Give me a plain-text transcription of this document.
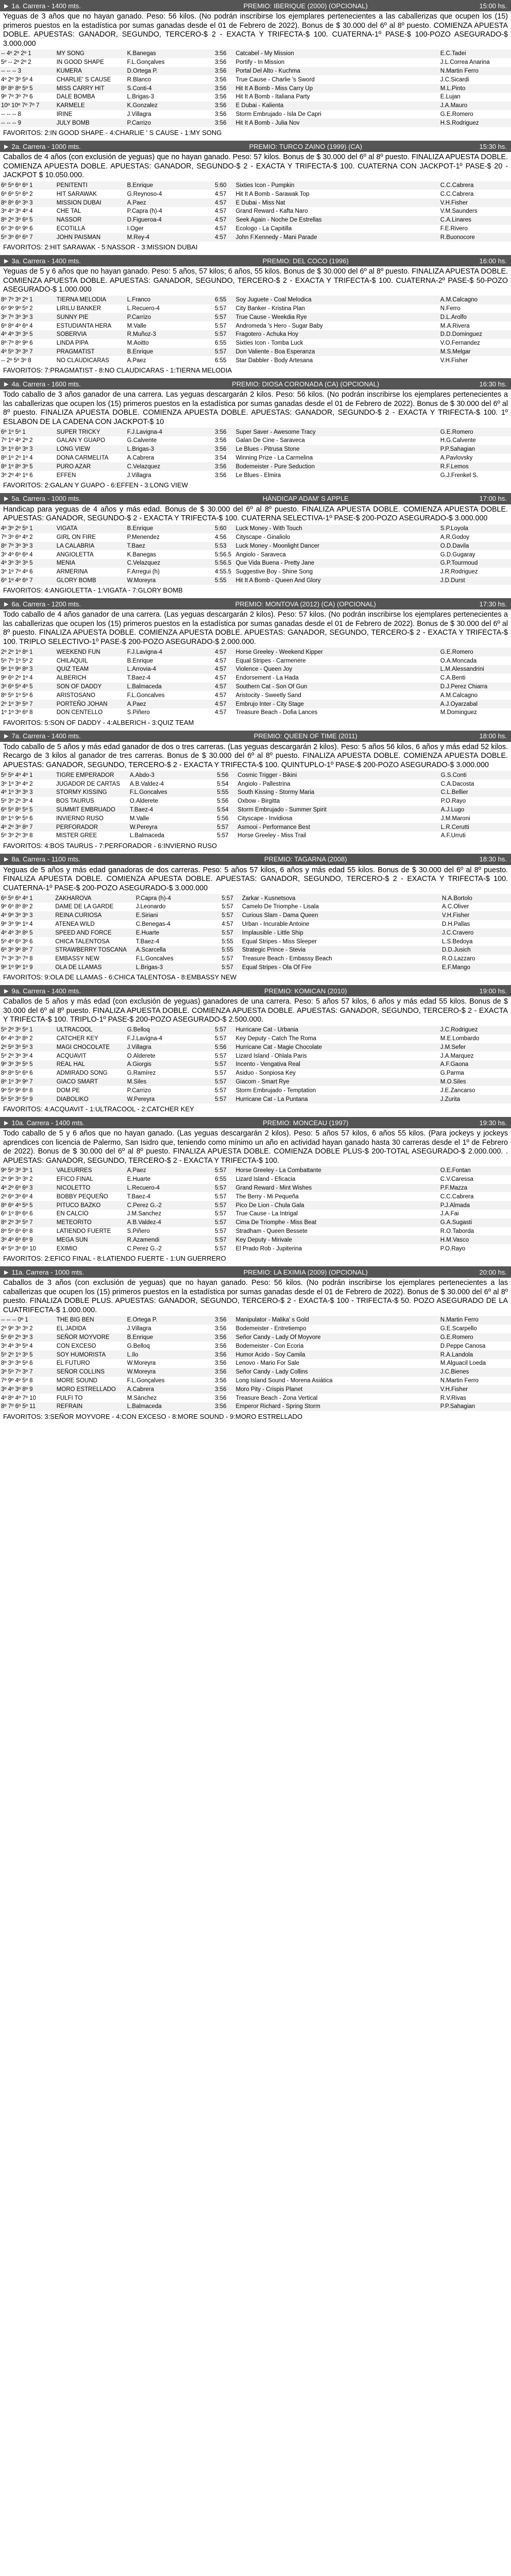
▶ 1a. Carrera - 1400 mts.	PREMIO: IBERIQUE (2000) (OPCIONAL)	15:00 hs.
Yeguas de 3 años que no hayan ganado. Peso: 56 kilos. (No podrán inscribirse los ejemplares pertenecientes a las caballerizas que ocupen los (15) primeros puestos en la estadística por sumas ganadas desde el 01 de Febrero de 2022). Bonus de $ 30.000 del 6º al 8º puesto. COMIENZA APUESTA DOBLE. APUESTAS: GANADOR, SEGUNDO, TERCERO-$ 2 - EXACTA Y TRIFECTA-$ 100. CUATERNA-1º PASE-$ 100-POZO ASEGURADO-$ 3.000.000
-- 4º 2º 2º 1	MY SONG	K.Banegas	3:56	Catcabel - My Mission	E.C.Tadei
5º -- 2º 2º 2	IN GOOD SHAPE	F.L.Gonçalves	3:56	Portify - In Mission	J.L.Correa Anarina
-- -- -- 3	KUMERA	D.Ortega P.	3:56	Portal Del Alto - Kuchma	N.Martin Ferro
4º 2º 3º 5º 4	CHARLIE' S CAUSE	R.Blanco	3:56	True Cause - Charlie 's Sword	J.C.Sicardi
8º 8º 8º 5º 5	MISS CARRY HIT	S.Conti-4	3:56	Hit It A Bomb - Miss Carry Up	M.L.Pinto
9º 7º 3º 7º 6	DALE BOMBA	L.Brigas-3	3:56	Hit It A Bomb - Italiana Party	E.Lujan
10º 10º 7º 7º 7	KARMELE	K.Gonzalez	3:56	E Dubai - Kalienta	J.A.Mauro
-- -- -- 8	IRINE	J.Villagra	3:56	Storm Embrujado - Isla De Capri	G.E.Romero
-- -- -- 9	JULY BOMB	P.Carrizo	3:56	Hit It A Bomb - Julia Nov	H.S.Rodriguez
FAVORITOS: 2:IN GOOD SHAPE - 4:CHARLIE ' S CAUSE - 1:MY SONG
▶ 2a. Carrera - 1000 mts.	PREMIO: TURCO ZAINO (1999) (CA)	15:30 hs.
Caballos de 4 años (con exclusión de yeguas) que no hayan ganado. Peso: 57 kilos. Bonus de $ 30.000 del 6º al 8º puesto. FINALIZA APUESTA DOBLE. COMIENZA APUESTA DOBLE. APUESTAS: GANADOR, SEGUNDO-$ 2 - EXACTA Y TRIFECTA-$ 100. CUATERNA CON JACKPOT-1º PASE-$ 20 - JACKPOT $ 10.050.000.
6º 5º 6º 6º 1	PENITENTI	B.Enrique	5:60	Sixties Icon - Pumpkin	C.C.Cabrera
6º 6º 5º 6º 2	HIT SARAWAK	G.Reynoso-4	4:57	Hit It A Bomb - Sarawak Top	C.C.Cabrera
8º 8º 6º 3º 3	MISSION DUBAI	A.Paez	4:57	E Dubai - Miss Nat	V.H.Fisher
3º 4º 3º 4º 4	CHE TAL	P.Capra (h)-4	4:57	Grand Reward - Kafta Naro	V.M.Saunders
8º 2º 3º 6º 5	NASSOR	D.Figueroa-4	4:57	Seek Again - Noche De Estrellas	C.A.Linares
6º 3º 6º 9º 6	ECOTILLA	I.Oger	4:57	Ecologo - La Capitilla	F.E.Rivero
5º 3º 6º 6º 7	JOHN PAISMAN	M.Rey-4	4:57	John F.Kennedy - Mani Parade	R.Buonocore
FAVORITOS: 2:HIT SARAWAK - 5:NASSOR - 3:MISSION DUBAI
▶ 3a. Carrera - 1400 mts.	PREMIO: DEL COCO (1996)	16:00 hs.
Yeguas de 5 y 6 años que no hayan ganado. Peso: 5 años, 57 kilos; 6 años, 55 kilos. Bonus de $ 30.000 del 6º al 8º puesto. FINALIZA APUESTA DOBLE. COMIENZA APUESTA DOBLE. APUESTAS: GANADOR, SEGUNDO, TERCERO-$ 2 - EXACTA Y TRIFECTA-$ 100. CUATERNA-2º PASE-$ 50-POZO ASEGURADO-$ 1.000.000
8º 7º 3º 2º 1	TIERNA MELODIA	L.Franco	6:55	Soy Juguete - Coal Melodica	A.M.Calcagno
6º 9º 9º 5º 2	LIRILU BANKER	L.Recuero-4	5:57	City Banker - Kristina Plan	N.Ferro
3º 7º 3º 3º 3	SUNNY PIE	P.Carrizo	5:57	True Cause - Weekdia Rye	D.L.Arolfo
6º 8º 4º 6º 4	ESTUDIANTA HERA	M.Valle	5:57	Andromeda 's Hero - Sugar Baby	M.A.Rivera
4º 4º 3º 3º 5	SOBERVIA	R.Muñoz-3	5:57	Fragotero - Achuka Hoy	D.D.Dominguez
8º 7º 8º 9º 6	LINDA PIPA	M.Aoitto	6:55	Sixties Icon - Tomba Luck	V.O.Fernandez
4º 5º 3º 3º 7	PRAGMATIST	B.Enrique	5:57	Don Valiente - Boa Esperanza	M.S.Melgar
-- 2º 5º 3º 8	NO CLAUDICARAS	A.Paez	6:55	Star Dabbler - Body Artesana	V.H.Fisher
FAVORITOS: 7:PRAGMATIST - 8:NO CLAUDICARAS - 1:TIERNA MELODIA
▶ 4a. Carrera - 1600 mts.	PREMIO: DIOSA CORONADA (CA) (OPCIONAL)	16:30 hs.
Todo caballo de 3 años ganador de una carrera. Las yeguas descargarán 2 kilos. Peso: 56 kilos. (No podrán inscribirse los ejemplares pertenecientes a las caballerizas que ocupen los (15) primeros puestos en la estadística por sumas ganadas desde el 01 de Febrero de 2022). Bonus de $ 30.000 del 6º al 8º puesto. FINALIZA APUESTA DOBLE. COMIENZA APUESTA DOBLE. APUESTAS: GANADOR, SEGUNDO-$ 2 - EXACTA Y TRIFECTA-$ 100. 1º ESLABON DE LA CADENA CON JACKPOT-$ 10
6º 1º 5º 1	SUPER TRICKY	F.J.Lavigna-4	3:56	Super Saver - Awesome Tracy	G.E.Romero
7º 1º 4º 2º 2	GALAN Y GUAPO	G.Calvente	3:56	Galan De Cine - Saraveca	H.G.Calvente
3º 1º 6º 3º 3	LONG VIEW	L.Brigas-3	3:56	Le Blues - Pitrusa Stone	P.P.Sahagian
8º 1º 2º 1º 4	DONA CARMELITA	A.Cabrera	3:54	Winning Prize - La Carmelina	A.Pavlovsky
8º 1º 8º 3º 5	PURO AZAR	C.Velazquez	3:56	Bodemeister - Pure Seduction	R.F.Lemos
3º 2º 4º 1º 6	EFFEN	J.Villagra	3:56	Le Blues - Elmira	G.J.Frenkel S.
FAVORITOS: 2:GALAN Y GUAPO - 6:EFFEN - 3:LONG VIEW
▶ 5a. Carrera - 1000 mts.	HÁNDICAP ADAM' S APPLE	17:00 hs.
Handicap para yeguas de 4 años y más edad. Bonus de $ 30.000 del 6º al 8º puesto. FINALIZA APUESTA DOBLE. COMIENZA APUESTA DOBLE. APUESTAS: GANADOR, SEGUNDO-$ 2 - EXACTA Y TRIFECTA-$ 100. CUATERNA SELECTIVA-1º PASE-$ 200-POZO ASEGURADO-$ 3.000.000
4º 3º 2º 5º 1	VIGATA	B.Enrique	5:60	Luck Money - With Touch	S.P.Loyola
7º 3º 6º 4º 2	GIRL ON FIRE	P.Menendez	4:56	Cityscape - Ginaliolo	A.R.Godoy
8º 7º 3º 3º 3	LA CALABRIA	T.Baez	5:53	Luck Money - Moonlight Dancer	O.D.Davila
3º 4º 6º 6º 4	ANGIOLETTA	K.Banegas	5:56.5	Angiolo - Saraveca	G.D.Gugaray
4º 3º 3º 3º 5	MENIA	C.Velazquez	5:56.5	Que Vida Buena - Pretty Jane	G.P.Tourmoud
3º 1º 7º 4º 6	ARMERINA	F.Arregui (h)	4:55.5	Suggestive Boy - Shine Song	J.R.Rodriguez
6º 1º 4º 6º 7	GLORY BOMB	W.Moreyra	5:55	Hit It A Bomb - Queen And Glory	J.D.Durst
FAVORITOS: 4:ANGIOLETTA - 1:VIGATA - 7:GLORY BOMB
▶ 6a. Carrera - 1200 mts.	PREMIO: MONTOVA (2012) (CA) (OPCIONAL)	17:30 hs.
Todo caballo de 4 años ganador de una carrera. (Las yeguas descargarán 2 kilos). Peso: 57 kilos. (No podrán inscribirse los ejemplares pertenecientes a las caballerizas que ocupen los (15) primeros puestos en la estadística por sumas ganadas desde el 01 de Febrero de 2022). Bonus de $ 30.000 del 6º al 8º puesto. FINALIZA APUESTA DOBLE. COMIENZA APUESTA DOBLE. APUESTAS: GANADOR, SEGUNDO, TERCERO-$ 2 - EXACTA Y TRIFECTA-$ 100. TRIPLO SELECTIVO-1º PASE-$ 200-POZO ASEGURADO-$ 2.000.000.
2º 2º 1º 8º 1	WEEKEND FUN	F.J.Lavigna-4	4:57	Horse Greeley - Weekend Kipper	G.E.Romero
5º 7º 1º 5º 2	CHILAQUIL	B.Enrique	4:57	Equal Stripes - Carmenere	O.A.Moncada
9º 1º 9º 8º 3	QUIZ TEAM	L.Arrovia-4	4:57	Violence - Queen Joy	L.M.Alessandrini
9º 6º 2º 1º 4	ALBERICH	T.Baez-4	4:57	Endorsement - La Hada	C.A.Benti
3º 6º 5º 4º 5	SON OF DADDY	L.Balmaceda	4:57	Southern Cat - Son Of Gun	D.J.Perez Chiarra
8º 5º 1º 5º 6	ARISTOSANO	F.L.Goncalves	4:57	Aristocity - Sweetly Sand	A.M.Calcagno
2º 1º 3º 5º 7	PORTEÑO JOHAN	A.Paez	4:57	Embrujo Inter - City Stage	A.J.Oyarzabal
1º 1º 3º 6º 8	DON CENTELLO	S.Piñero	4:57	Treasure Beach - Dofia Lances	M.Dominguez
FAVORITOS: 5:SON OF DADDY - 4:ALBERICH - 3:QUIZ TEAM
▶ 7a. Carrera - 1400 mts.	PREMIO: QUEEN OF TIME (2011)	18:00 hs.
Todo caballo de 5 años y más edad ganador de dos o tres carreras. (Las yeguas descargarán 2 kilos). Peso: 5 años 56 kilos, 6 años y más edad 52 kilos. Recargo de 3 kilos al ganador de tres carreras. Bonus de $ 30.000 del 6º al 8º puesto. FINALIZA APUESTA DOBLE. COMIENZA APUESTA DOBLE. APUESTAS: GANADOR, SEGUNDO, TERCERO-$ 2 - EXACTA Y TRIFECTA-$ 100. QUINTUPLO-1º PASE-$ 200-POZO ASEGURADO-$ 3.000.000
5º 5º 4º 4º 1	TIGRE EMPERADOR	A.Abdo-3	5:56	Cosmic Trigger - Bikini	G.S.Conti
3º 1º 3º 4º 2	JUGADOR DE CARTAS	A.B.Valdez-4	5:54	Angiolo - Pallestrina	C.A.Dacosta
4º 1º 3º 3º 3	STORMY KISSING	F.L.Goncalves	5:55	South Kissing - Stormy Maria	C.L.Bellier
5º 3º 2º 3º 4	BOS TAURUS	O.Alderete	5:56	Oxbow - Birgitta	P.O.Rayo
6º 5º 8º 5º 5	SUMMIT EMBRUADO	T.Baez-4	5:54	Storm Embrujado - Summer Spirit	A.J.Lugo
8º 1º 9º 5º 6	INVIERNO RUSO	M.Valle	5:56	Cityscape - Invidiosa	J.M.Maroni
4º 2º 3º 8º 7	PERFORADOR	W.Pereyra	5:57	Asmooi - Performance Best	L.R.Cerutti
5º 3º 2º 3º 8	MISTER GREE	L.Balmaceda	5:57	Horse Greeley - Miss Trail	A.F.Urruti
FAVORITOS: 4:BOS TAURUS - 7:PERFORADOR - 6:INVIERNO RUSO
▶ 8a. Carrera - 1100 mts.	PREMIO: TAGARNA (2008)	18:30 hs.
Yeguas de 5 años y más edad ganadoras de dos carreras. Peso: 5 años 57 kilos, 6 años y más edad 55 kilos. Bonus de $ 30.000 del 6º al 8º puesto. FINALIZA APUESTA DOBLE. COMIENZA APUESTA DOBLE. APUESTAS: GANADOR, SEGUNDO, TERCERO-$ 2 - EXACTA Y TRIFECTA-$ 100. CUATERNA-1º PASE-$ 200-POZO ASEGURADO-$ 3.000.000
6º 5º 6º 4º 1	ZAKHAROVA	P.Capra (h)-4	5:57	Zarkar - Kusnetsova	N.A.Bortolo
9º 6º 8º 8º 2	DAME DE LA GARDE	J.Leonardo	5:57	Camelo De Triomphe - Lisala	A.C.Oliver
4º 9º 3º 3º 3	REINA CURIOSA	E.Siriani	5:57	Curious Slam - Dama Queen	V.H.Fisher
9º 3º 9º 1º 4	ATENEA WILD	C.Benegas-4	4:57	Urban - Incurable Antoine	D.H.Pallas
4º 4º 3º 8º 5	SPEED AND FORCE	E.Huarte	5:57	Implausible - Little Ship	J.C.Cravero
5º 4º 6º 3º 6	CHICA TALENTOSA	T.Baez-4	5:55	Equal Stripes - Miss Sleeper	L.S.Bedoya
6º 3º 9º 8º 7	STRAWBERRY TOSCANA	A.Scarcella	5:55	Strategic Prince - Stevia	D.D.Jusich
7º 3º 3º 7º 8	EMBASSY NEW	F.L.Goncalves	5:57	Treasure Beach - Embassy Beach	R.O.Lazzaro
9º 1º 9º 1º 9	OLA DE LLAMAS	L.Brigas-3	5:57	Equal Stripes - Ola Of Fire	E.F.Mango
FAVORITOS: 9:OLA DE LLAMAS - 6:CHICA TALENTOSA - 8:EMBASSY NEW
▶ 9a. Carrera - 1400 mts.	PREMIO: KOMICAN (2010)	19:00 hs.
Caballos de 5 años y más edad (con exclusión de yeguas) ganadores de una carrera. Peso: 5 años 57 kilos, 6 años y más edad 55 kilos. Bonus de $ 30.000 del 6º al 8º puesto. FINALIZA APUESTA DOBLE. COMIENZA APUESTA DOBLE. APUESTAS: GANADOR, SEGUNDO, TERCERO-$ 2 - EXACTA Y TRIFECTA-$ 100. TRIPLO-1º PASE-$ 200-POZO ASEGURADO-$ 2.500.000.
5º 2º 3º 5º 1	ULTRACOOL	G.Belloq	5:57	Hurricane Cat - Urbania	J.C.Rodriguez
6º 4º 3º 8º 2	CATCHER KEY	F.J.Lavigna-4	5:57	Key Deputy - Catch The Roma	M.E.Lombardo
2º 5º 3º 5º 3	MAGI CHOCOLATE	J.Villagra	5:56	Hurricane Cat - Magie Chocolate	J.M.Sefer
5º 2º 3º 3º 4	ACQUAVIT	O.Alderete	5:57	Lizard Island - Ohlala Paris	J.A.Marquez
9º 3º 3º 5º 5	REAL HAL	A.Giorgis	5:57	Incento - Vengativa Real	A.F.Gaona
8º 8º 5º 6º 6	ADMIRADO SONG	G.Ramírez	5:57	Asiduo - Sonpiosa Key	G.Parma
8º 1º 3º 9º 7	GIACO SMART	M.Siles	5:57	Giacom - Smart Rye	M.O.Siles
9º 5º 9º 6º 8	DOM PE	P.Carrizo	5:57	Storm Embrujado - Temptation	J.E.Zancarso
5º 5º 3º 5º 9	DIABOLIKO	W.Pereyra	5:57	Hurricane Cat - La Puntana	J.Zurita
FAVORITOS: 4:ACQUAVIT - 1:ULTRACOOL - 2:CATCHER KEY
▶ 10a. Carrera - 1400 mts.	PREMIO: MONCEAU (1997)	19:30 hs.
Todo caballo de 5 y 6 años que no hayan ganado. (Las yeguas descargarán 2 kilos). Peso: 5 años 57 kilos, 6 años 55 kilos. (Para jockeys y jockeys aprendices con licencia de Palermo, San Isidro que, teniendo como mínimo un año en actividad hayan ganado hasta 30 carreras desde el 1º de Febrero de 2022). Bonus de $ 30.000 del 6º al 8º puesto. FINALIZA APUESTA DOBLE. COMIENZA DOBLE PLUS-$ 200-TOTAL ASEGURADO-$ 2.000.000. . APUESTAS: GANADOR, SEGUNDO, TERCERO-$ 2 - EXACTA Y TRIFECTA-$ 100.
9º 5º 3º 3º 1	VALEURRES	A.Paez	5:57	Horse Greeley - La Combattante	O.E.Fontan
2º 9º 3º 3º 2	EFICO FINAL	E.Huarte	6:55	Lizard Island - Eficacia	C.V.Caressa
4º 2º 6º 6º 3	NICOLETTO	L.Recuero-4	5:57	Grand Reward - Mint Wishes	P.F.Mazza
2º 6º 3º 6º 4	BOBBY PEQUEÑO	T.Baez-4	5:57	The Berry - Mi Pequeña	C.C.Cabrera
8º 6º 4º 5º 5	PITUCO BAZKO	C.Perez G.-2	5:57	Pico De Lion - Chula Gala	P.J.Almada
6º 1º 8º 6º 6	EN CALCIO	J.M.Sanchez	5:57	True Cause - La Intrigal	J.A.Fai
8º 2º 3º 5º 7	METEORITO	A.B.Valdez-4	5:57	Cima De Triomphe - Miss Beat	G.A.Sugasti
8º 5º 6º 6º 8	LATIENDO FUERTE	S.Piñero	5:57	Stradham - Queen Bessete	R.O.Taborda
3º 4º 6º 6º 9	MEGA SUN	R.Azamendi	5:57	Key Deputy - Mirivale	H.M.Vasco
4º 5º 3º 6º 10	EXIMIO	C.Perez G.-2	5:57	El Prado Rob - Jupiterina	P.O.Rayo
FAVORITOS: 2:EFICO FINAL - 8:LATIENDO FUERTE - 1:UN GUERRERO
▶ 11a. Carrera - 1000 mts.	PREMIO: LA EXIMIA (2009) (OPCIONAL)	20:00 hs.
Caballos de 3 años (con exclusión de yeguas) que no hayan ganado. Peso: 56 kilos. (No podrán inscribirse los ejemplares pertenecientes a las caballerizas que ocupen los (15) primeros puestos en la estadística por sumas ganadas desde el 01 de Febrero de 2022). Bonus de $ 30.000 del 6º al 8º puesto. FINALIZA DOBLE PLUS. APUESTAS: GANADOR, SEGUNDO, TERCERO-$ 2 - EXACTA-$ 100 - TRIFECTA-$ 50. POZO ASEGURADO DE LA CUATRIFECTA-$ 1.000.000.
-- -- -- 0º 1	THE BIG BEN	E.Ortega P.	3:56	Manipulator - Malika' s Gold	N.Martin Ferro
2º 9º 3º 3º 2	EL JADIDA	J.Villagra	3:56	Bodemeister - Entretiempo	G.E.Scarpello
5º 6º 2º 3º 3	SEÑOR MOYVORE	B.Enrique	3:56	Señor Candy - Lady Of Moyvore	G.E.Romero
3º 4º 3º 5º 4	CON EXCESO	G.Belloq	3:56	Bodemeister - Con Ecoria	D.Peppe Canosa
5º 2º 1º 3º 5	SOY HUMORISTA	L.Ilo	3:56	Humor Acido - Soy Camila	R.A.Landola
8º 3º 3º 5º 6	EL FUTURO	W.Moreyra	3:56	Lenovo - Mario For Sale	M.Alguacil Loeda
3º 5º 7º 3º 7	SEÑOR COLLINS	W.Moreyra	3:56	Señor Candy - Lady Collins	J.C.Bienes
7º 9º 4º 5º 8	MORE SOUND	F.L.Gonçalves	3:56	Long Island Sound - Morena Asiática	N.Martin Ferro
3º 4º 3º 8º 9	MORO ESTRELLADO	A.Cabrera	3:56	Moro Pity - Crispis Planet	V.H.Fisher
4º 8º 4º 7º 10	FULFI TO	M.Sánchez	3:56	Treasure Beach - Zona Vertical	R.V.Rivas
8º 7º 6º 5º 11	REFRAIN	L.Balmaceda	3:56	Emperor Richard - Spring Storm	P.P.Sahagian
FAVORITOS: 3:SEÑOR MOYVORE - 4:CON EXCESO - 8:MORE SOUND - 9:MORO ESTRELLADO
